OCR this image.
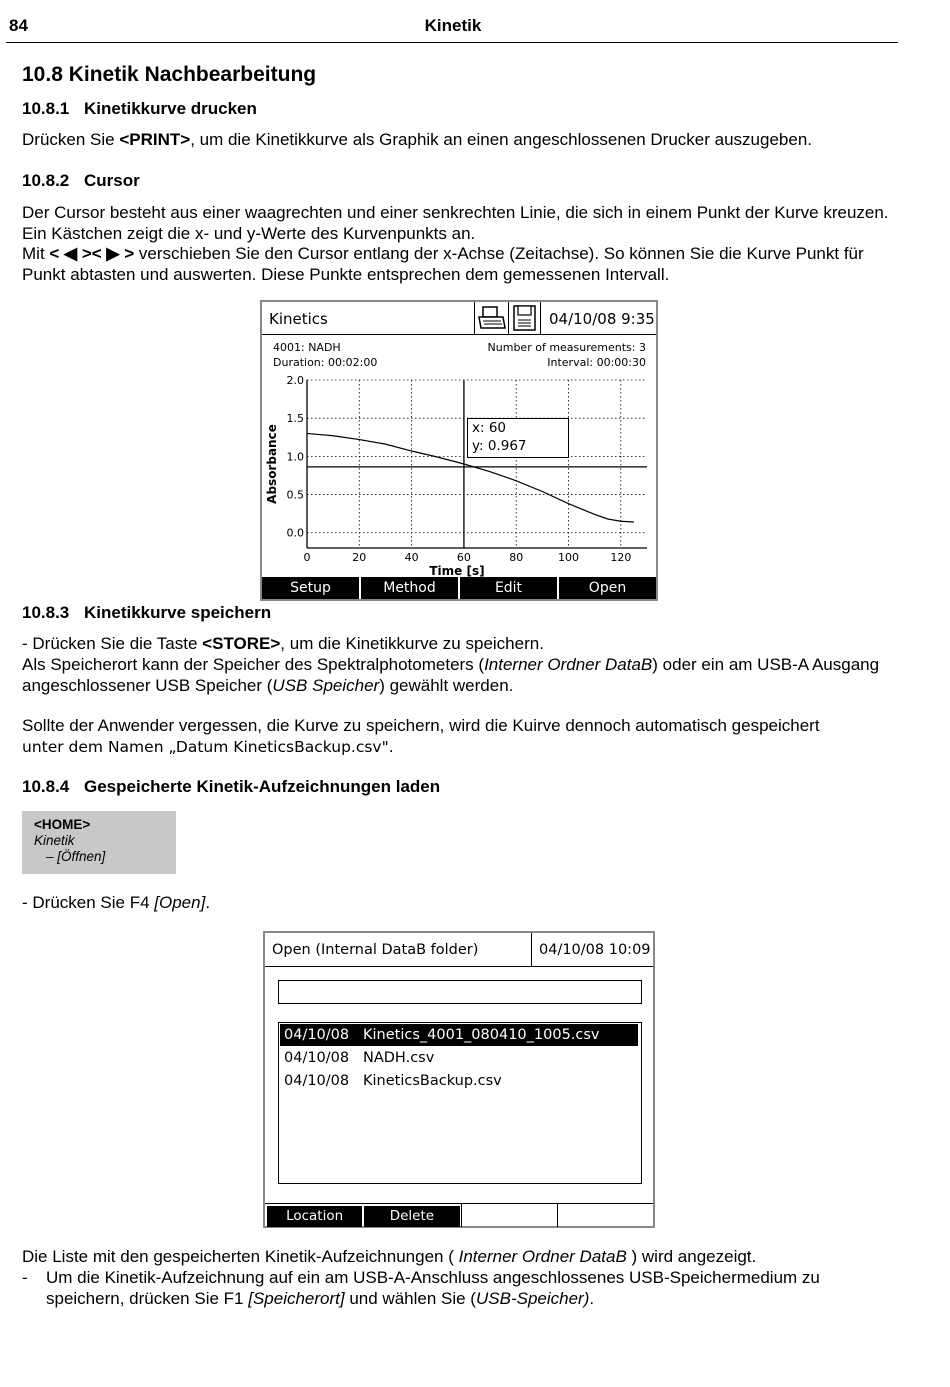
84	Kinetik
10.8 Kinetik Nachbearbeitung
10.8.1 Kinetikkurve drucken
Drücken Sie <PRINT>, um die Kinetikkurve als Graphik an einen angeschlossenen Drucker auszugeben.
10.8.2 Cursor
Der Cursor besteht aus einer waagrechten und einer senkrechten Linie, die sich in einem Punkt der Kurve kreuzen. Ein Kästchen zeigt die x- und y-Werte des Kurvenpunkts an.
Mit < ◀ >< ▶ > verschieben Sie den Cursor entlang der x-Achse (Zeitachse). So können Sie die Kurve Punkt für Punkt abtasten und auswerten. Diese Punkte entsprechen dem gemessenen Intervall.
Kinetics	04/10/08 9:35
4001: NADH
Duration: 00:02:00
Number of measurements: 3
Interval: 00:00:30
0	20	40	60	80	100	120
0.0
0.5
1.0
1.5
2.0
Time [s]
Absorbance	x: 60
y: 0.967
Setup	Method	Edit	Open
10.8.3 Kinetikkurve speichern
- Drücken Sie die Taste <STORE>, um die Kinetikkurve zu speichern.
Als Speicherort kann der Speicher des Spektralphotometers (Interner Ordner DataB) oder ein am USB-A Ausgang angeschlossener USB Speicher (USB Speicher) gewählt werden.
Sollte der Anwender vergessen, die Kurve zu speichern, wird die Kuirve dennoch automatisch gespeichert
unter dem Namen „Datum KineticsBackup.csv".
10.8.4 Gespeicherte Kinetik-Aufzeichnungen laden
<HOME>
Kinetik
– [Öffnen]
- Drücken Sie F4 [Open].
Open (Internal DataB folder)	04/10/08 10:09
04/10/08 Kinetics_4001_080410_1005.csv
04/10/08 NADH.csv
04/10/08 KineticsBackup.csv
Location	Delete
Die Liste mit den gespeicherten Kinetik-Aufzeichnungen ( Interner Ordner DataB ) wird angezeigt.
- Um die Kinetik-Aufzeichnung auf ein am USB-A-Anschluss angeschlossenes USB-Speichermedium zu speichern, drücken Sie F1 [Speicherort] und wählen Sie (USB-Speicher).
